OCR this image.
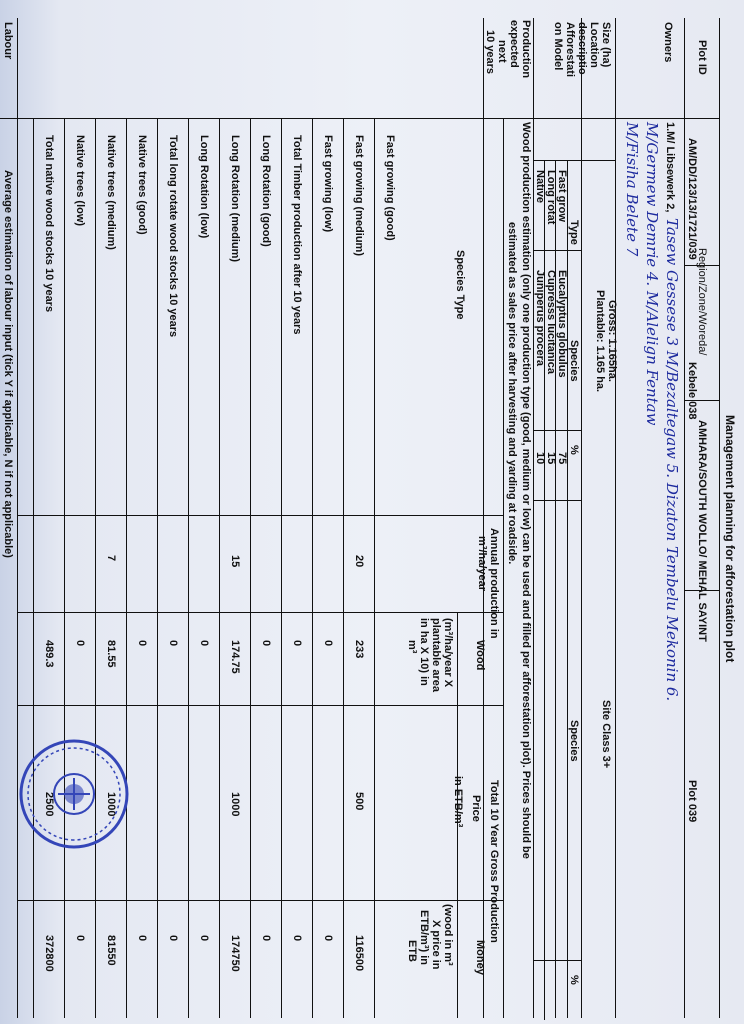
Management planning for afforestation plot
Plot ID
Region/Zone/Woreda/
AM/DD/123/13/1721/039
AMHARA/SOUTH WOLLO/ MEHAL SAYINT
Kebele 038
Plot 039
Owners
1.M/ Libsewerk 2,
Tasew Gessese 3 M/Bezaltegaw 5. Dizaton Tembelu Mekonin 6.
M/Germew Demrie 4. M/Alelign Fentaw
M/Fisiha Belete 7
Size (ha)
Gross: 1.165ha.
Plantable: 1.165 ha.
Site Class 3+
Location
descriptio
Afforestati
on Model
Type
Species
%
Species
%
Fast grow
Eucalyptus globulus
75
Long rotat
Cupresss lucitanica
15
Native
Juniperus procera
10
Production
expected
next
10 years
Wood production estimation (only one production type (good, medium or low) can be used and filled per afforestation plot). Prices should be
estimated as sales price after harvesting and yarding at roadside.
Species Type
Annual production in
m³/ha/year
Total 10 Year Gross Production
Wood
(m³/ha/year X
plantable area
in ha X 10) in
m³
Price
in ETB/m³
Money
(wood in m³
X price in
ETB/m³) in
ETB
Fast growing (good)
Fast growing (medium)
20
233
500
116500
Fast growing (low)
0
0
Total Timber production after 10 years
0
0
Long Rotation (good)
0
0
Long Rotation (medium)
15
174.75
1000
174750
Long Rotation (low)
0
0
Total long rotate wood stocks 10 years
0
0
Native trees (good)
0
0
Native trees (medium)
7
81.55
1000
81550
Native trees (low)
0
0
Total native wood stocks 10 years
489.3
2500
372800
Labour
Average estimation of labour input (tick Y if applicable, N if not applicable)
